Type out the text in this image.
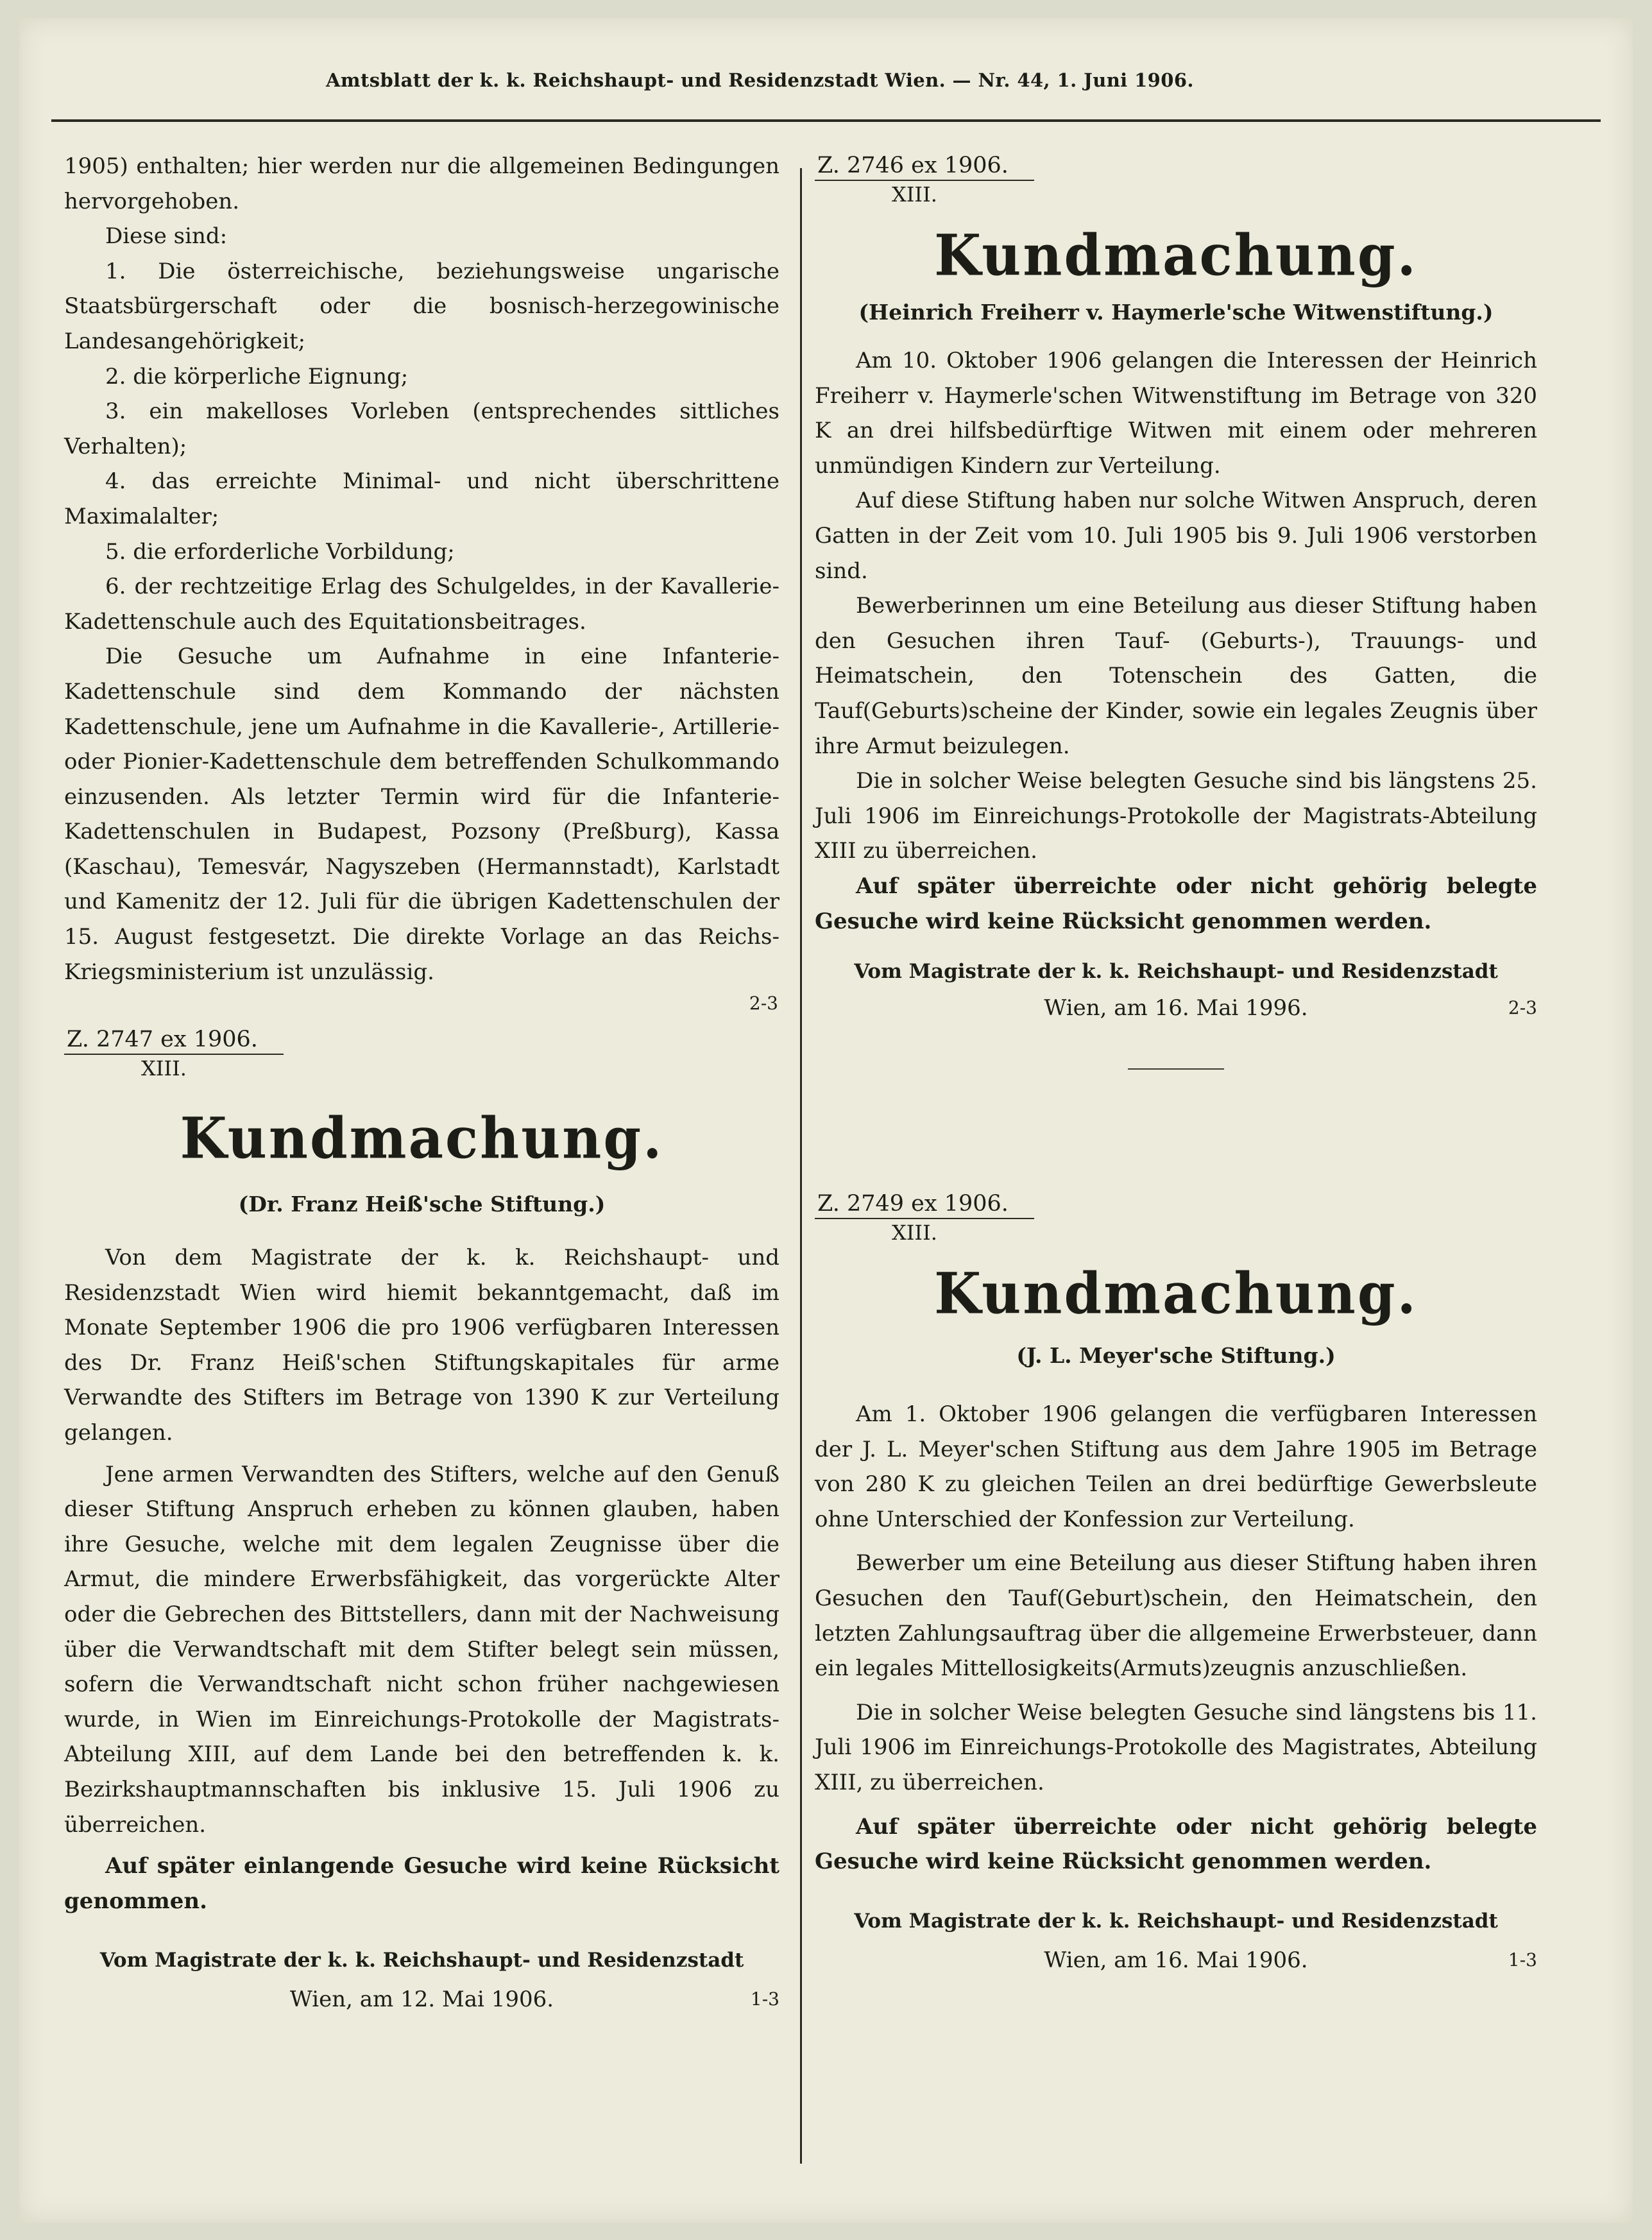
Amtsblatt der k. k. Reichshaupt- und Residenzstadt Wien. — Nr. 44, 1. Juni 1906.

1905) enthalten; hier werden nur die allgemeinen Bedingungen hervorgehoben.

Diese sind:

1. Die österreichische, beziehungsweise ungarische Staatsbürgerschaft oder die bosnisch-herzegowinische Landesangehörigkeit;

2. die körperliche Eignung;

3. ein makelloses Vorleben (entsprechendes sittliches Verhalten);

4. das erreichte Minimal- und nicht überschrittene Maximalalter;

5. die erforderliche Vorbildung;

6. der rechtzeitige Erlag des Schulgeldes, in der Kavallerie-Kadettenschule auch des Equitationsbeitrages.

Die Gesuche um Aufnahme in eine Infanterie-Kadettenschule sind dem Kommando der nächsten Kadettenschule, jene um Aufnahme in die Kavallerie-, Artillerie- oder Pionier-Kadettenschule dem betreffenden Schulkommando einzusenden. Als letzter Termin wird für die Infanterie-Kadettenschulen in Budapest, Pozsony (Preßburg), Kassa (Kaschau), Temesvár, Nagyszeben (Hermannstadt), Karlstadt und Kamenitz der 12. Juli für die übrigen Kadettenschulen der 15. August festgesetzt. Die direkte Vorlage an das Reichs-Kriegsministerium ist unzulässig.

2-3
Z. 2747 ex 1906.
XIII.
Kundmachung.
(Dr. Franz Heiß'sche Stiftung.)

Von dem Magistrate der k. k. Reichshaupt- und Residenzstadt Wien wird hiemit bekanntgemacht, daß im Monate September 1906 die pro 1906 verfügbaren Interessen des Dr. Franz Heiß'schen Stiftungskapitales für arme Verwandte des Stifters im Betrage von 1390 K zur Verteilung gelangen.

Jene armen Verwandten des Stifters, welche auf den Genuß dieser Stiftung Anspruch erheben zu können glauben, haben ihre Gesuche, welche mit dem legalen Zeugnisse über die Armut, die mindere Erwerbsfähigkeit, das vorgerückte Alter oder die Gebrechen des Bittstellers, dann mit der Nachweisung über die Verwandtschaft mit dem Stifter belegt sein müssen, sofern die Verwandtschaft nicht schon früher nachgewiesen wurde, in Wien im Einreichungs-Protokolle der Magistrats-Abteilung XIII, auf dem Lande bei den betreffenden k. k. Bezirkshauptmannschaften bis inklusive 15. Juli 1906 zu überreichen.

Auf später einlangende Gesuche wird keine Rücksicht genommen.

Vom Magistrate der k. k. Reichshaupt- und Residenzstadt
Wien, am 12. Mai 1906.	1-3
Z. 2746 ex 1906.
XIII.
Kundmachung.
(Heinrich Freiherr v. Haymerle'sche Witwenstiftung.)

Am 10. Oktober 1906 gelangen die Interessen der Heinrich Freiherr v. Haymerle'schen Witwenstiftung im Betrage von 320 K an drei hilfsbedürftige Witwen mit einem oder mehreren unmündigen Kindern zur Verteilung.

Auf diese Stiftung haben nur solche Witwen Anspruch, deren Gatten in der Zeit vom 10. Juli 1905 bis 9. Juli 1906 verstorben sind.

Bewerberinnen um eine Beteilung aus dieser Stiftung haben den Gesuchen ihren Tauf- (Geburts-), Trauungs- und Heimatschein, den Totenschein des Gatten, die Tauf(Geburts)scheine der Kinder, sowie ein legales Zeugnis über ihre Armut beizulegen.

Die in solcher Weise belegten Gesuche sind bis längstens 25. Juli 1906 im Einreichungs-Protokolle der Magistrats-Abteilung XIII zu überreichen.

Auf später überreichte oder nicht gehörig belegte Gesuche wird keine Rücksicht genommen werden.

Vom Magistrate der k. k. Reichshaupt- und Residenzstadt
Wien, am 16. Mai 1996.	2-3
Z. 2749 ex 1906.
XIII.
Kundmachung.
(J. L. Meyer'sche Stiftung.)

Am 1. Oktober 1906 gelangen die verfügbaren Interessen der J. L. Meyer'schen Stiftung aus dem Jahre 1905 im Betrage von 280 K zu gleichen Teilen an drei bedürftige Gewerbsleute ohne Unterschied der Konfession zur Verteilung.

Bewerber um eine Beteilung aus dieser Stiftung haben ihren Gesuchen den Tauf(Geburt)schein, den Heimatschein, den letzten Zahlungsauftrag über die allgemeine Erwerbsteuer, dann ein legales Mittellosigkeits(Armuts)zeugnis anzuschließen.

Die in solcher Weise belegten Gesuche sind längstens bis 11. Juli 1906 im Einreichungs-Protokolle des Magistrates, Abteilung XIII, zu überreichen.

Auf später überreichte oder nicht gehörig belegte Gesuche wird keine Rücksicht genommen werden.

Vom Magistrate der k. k. Reichshaupt- und Residenzstadt
Wien, am 16. Mai 1906.	1-3
